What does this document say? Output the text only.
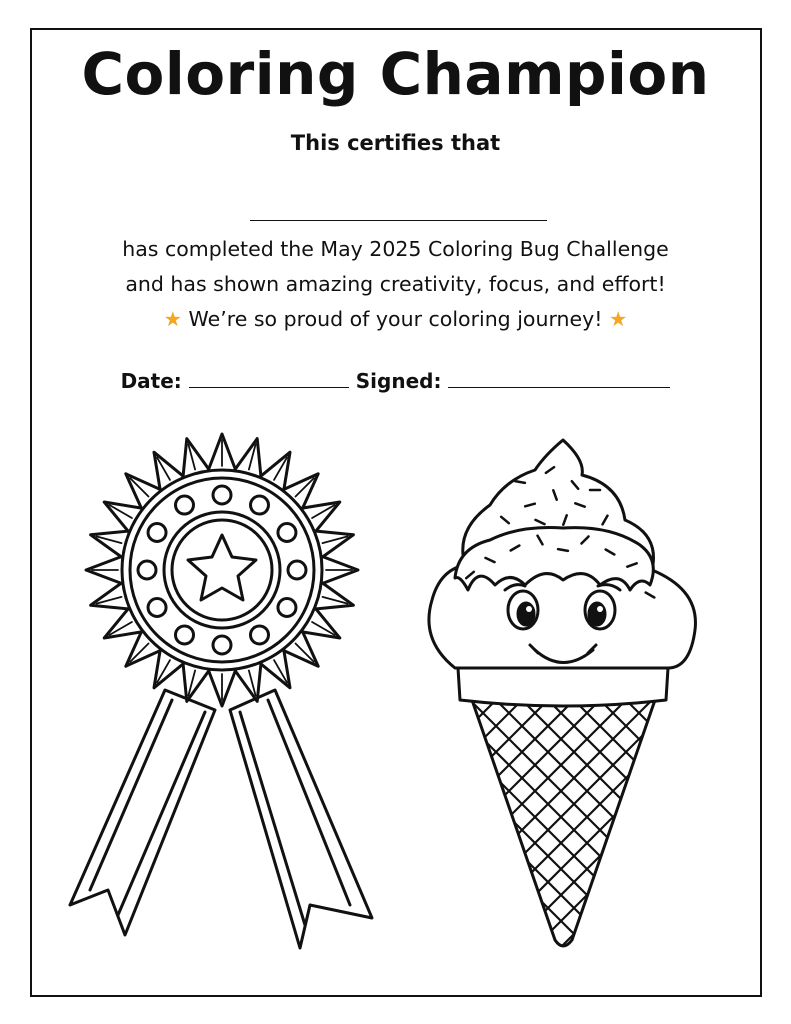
Coloring Champion
This certifies that
has completed the May 2025 Coloring Bug Challenge
and has shown amazing creativity, focus, and effort!
★ We’re so proud of your coloring journey! ★
Date:	Signed:
